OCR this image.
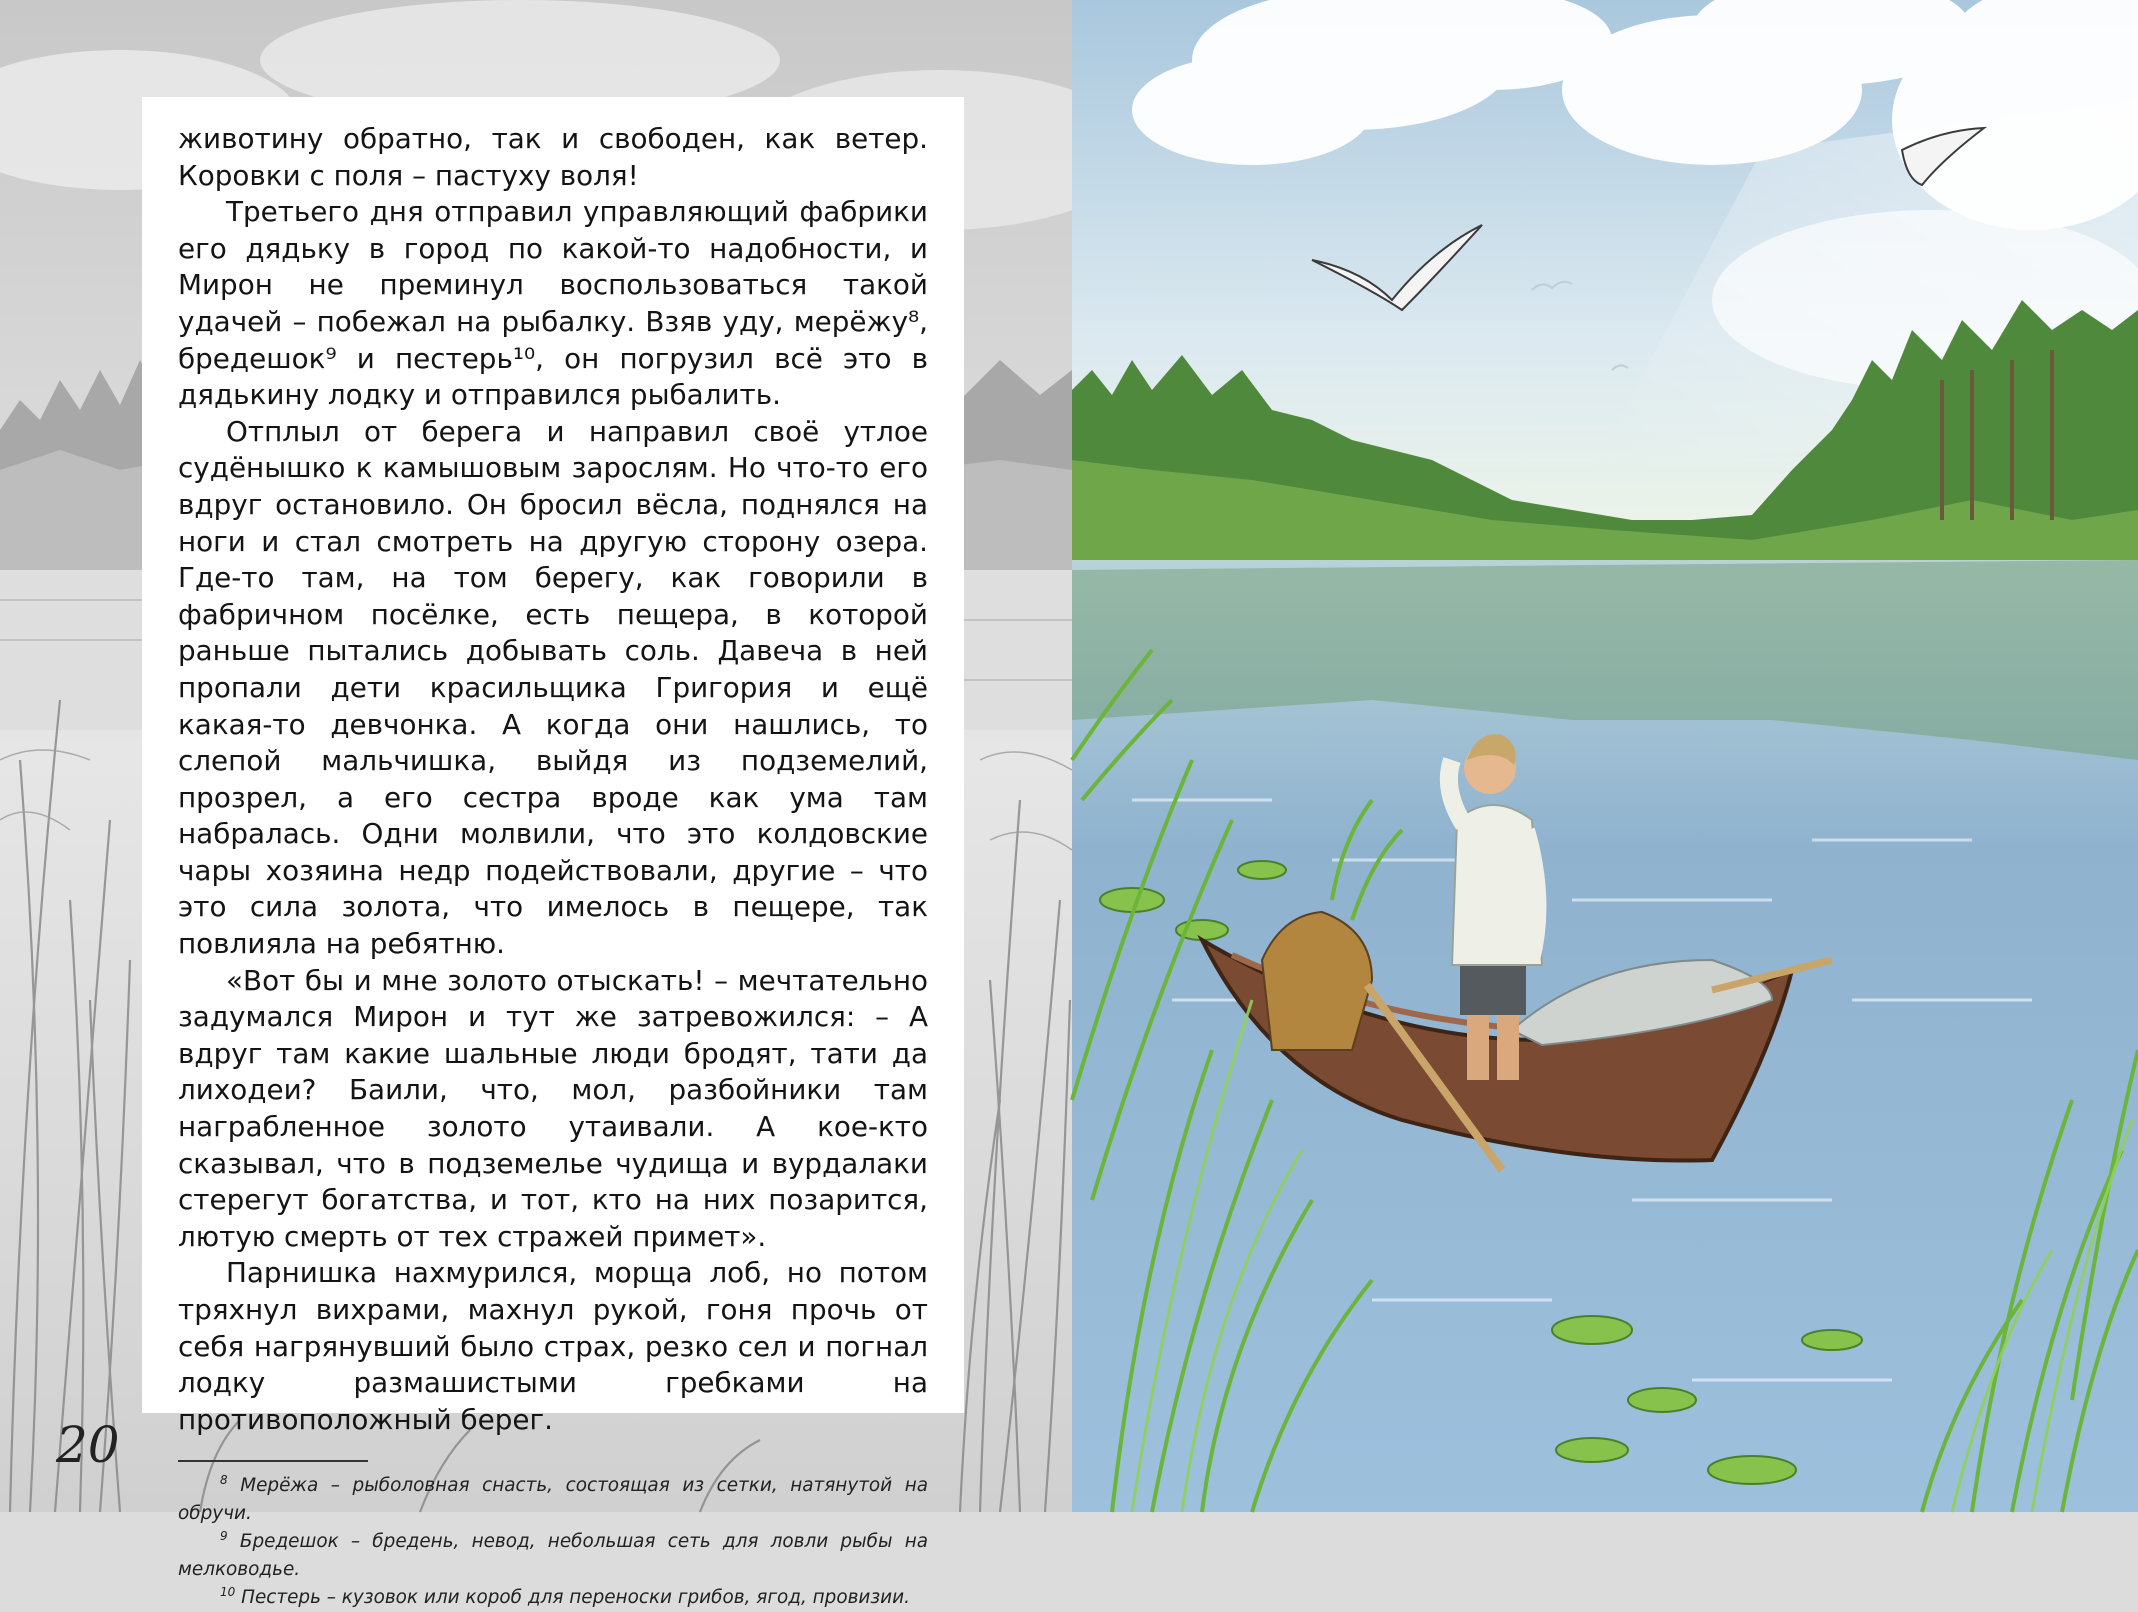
животину обратно, так и свободен, как ветер. Коровки с поля – пастуху воля!

Третьего дня отправил управляющий фабрики его дядьку в город по какой-то надобности, и Мирон не преминул воспользоваться такой удачей – побежал на рыбалку. Взяв уду, мерёжу⁸, бредешок⁹ и пестерь¹⁰, он погрузил всё это в дядькину лодку и отправился рыбалить.

Отплыл от берега и направил своё утлое судёнышко к камышовым зарослям. Но что-то его вдруг остановило. Он бросил вёсла, поднялся на ноги и стал смотреть на другую сторону озера. Где-то там, на том берегу, как говорили в фабричном посёлке, есть пещера, в которой раньше пытались добывать соль. Давеча в ней пропали дети красильщика Григория и ещё какая-то девчонка. А когда они нашлись, то слепой мальчишка, выйдя из подземелий, прозрел, а его сестра вроде как ума там набралась. Одни молвили, что это колдовские чары хозяина недр подействовали, другие – что это сила золота, что имелось в пещере, так повлияла на ребятню.

«Вот бы и мне золото отыскать! – мечтательно задумался Мирон и тут же затревожился: – А вдруг там какие шальные люди бродят, тати да лиходеи? Баили, что, мол, разбойники там награбленное золото утаивали. А кое-кто сказывал, что в подземелье чудища и вурдалаки стерегут богатства, и тот, кто на них позарится, лютую смерть от тех стражей примет».

Парнишка нахмурился, морща лоб, но потом тряхнул вихрами, махнул рукой, гоня прочь от себя нагрянувший было страх, резко сел и погнал лодку размашистыми гребками на противоположный берег.

$^8$ Мерёжа – рыболовная снасть, состоящая из сетки, натянутой на обручи.

$^9$ Бредешок – бредень, невод, небольшая сеть для ловли рыбы на мелководье.

$^{10}$ Пестерь – кузовок или короб для переноски грибов, ягод, провизии.

20
